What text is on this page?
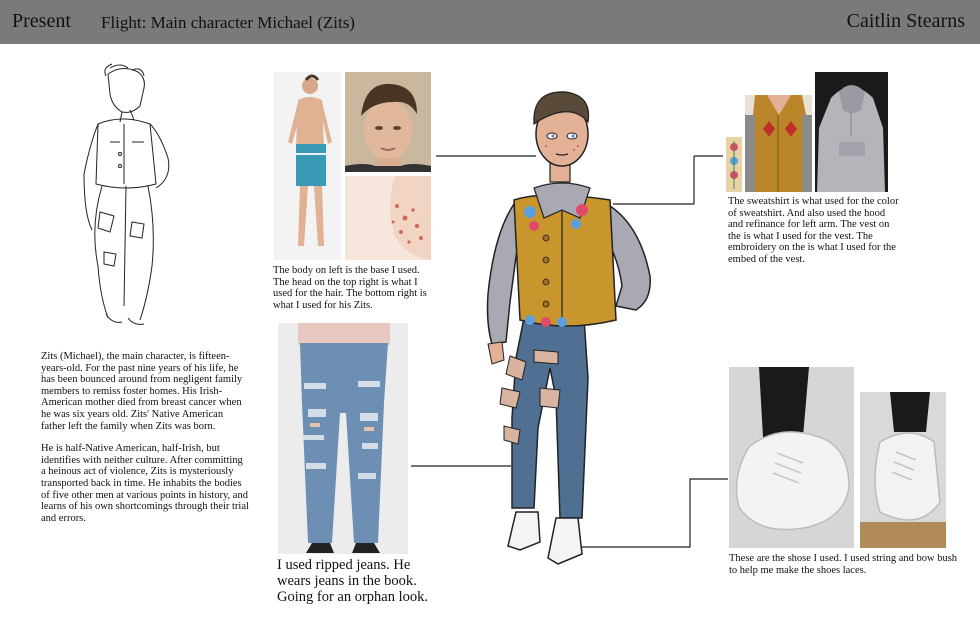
Present Flight: Main character Michael (Zits)	Caitlin Stearns

Zits (Michael), the main character, is fifteen-years-old. For the past nine years of his life, he has been bounced around from negligent family members to remiss foster homes. His Irish-American mother died from breast cancer when he was six years old. Zits' Native American father left the family when Zits was born.

He is half-Native American, half-Irish, but identifies with neither culture. After committing a heinous act of violence, Zits is mysteriously transported back in time. He inhabits the bodies of five other men at various points in history, and learns of his own shortcomings through their trial and errors.

The body on left is the base I used. The head on the top right is what I used for the hair. The bottom right is what I used for his Zits.
I used ripped jeans. He wears jeans in the book. Going for an orphan look.
The sweatshirt is what used for the color of sweatshirt. And also used the hood and refinance for left arm. The vest on the is what I used for the vest. The embroidery on the is what I used for the embed of the vest.
These are the shose I used. I used string and bow bush to help me make the shoes laces.
